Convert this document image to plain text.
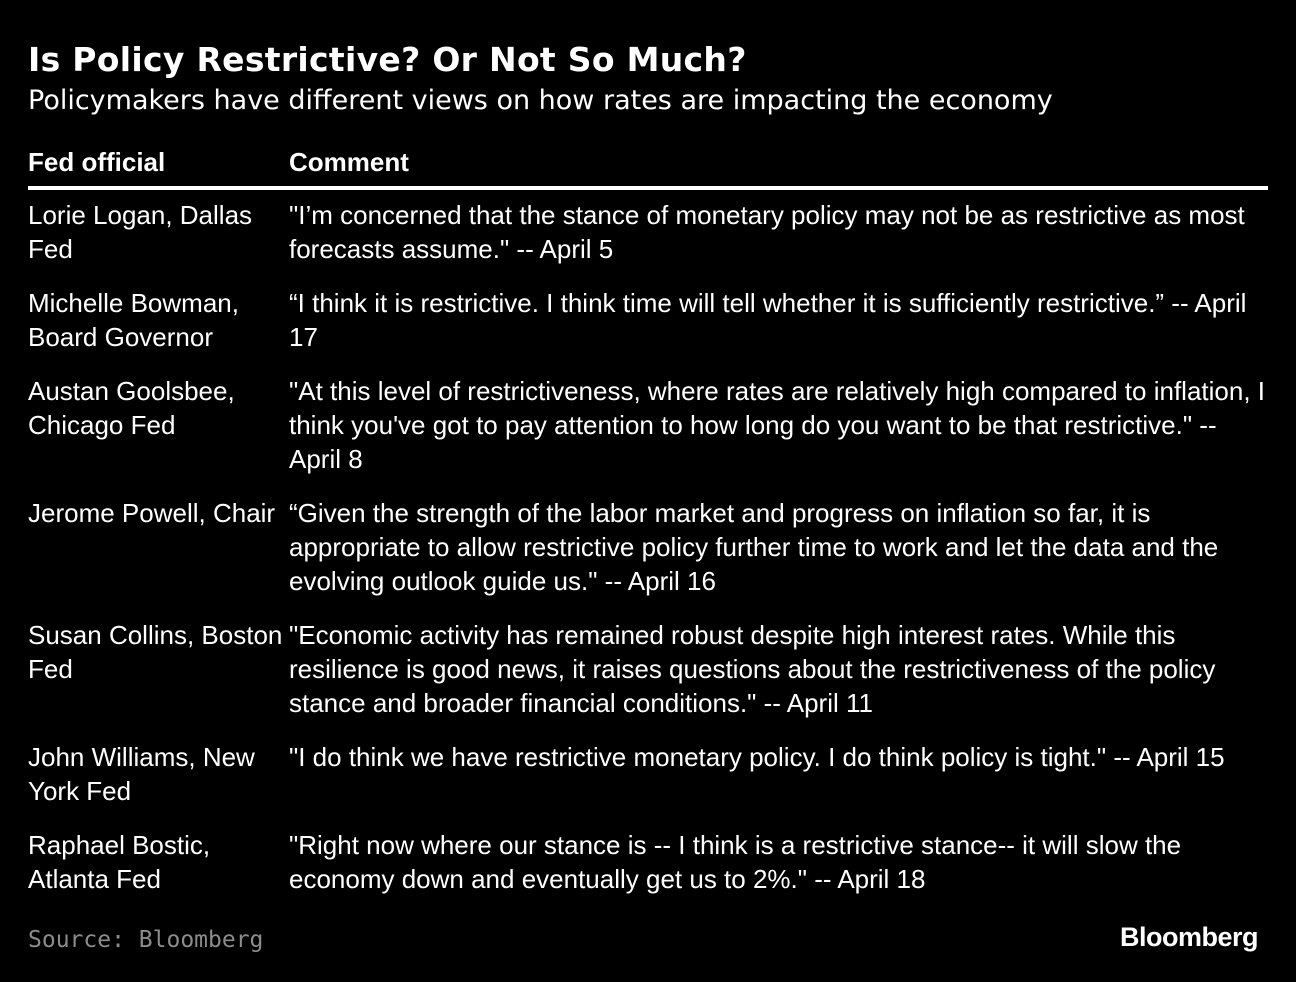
Is Policy Restrictive? Or Not So Much?
Policymakers have different views on how rates are impacting the economy
Fed official	Comment
Lorie Logan, Dallas Fed
"I’m concerned that the stance of monetary policy may not be as restrictive as most forecasts assume." -- April 5
Michelle Bowman, Board Governor
“I think it is restrictive. I think time will tell whether it is sufficiently restrictive.” -- April 17
Austan Goolsbee, Chicago Fed
"At this level of restrictiveness, where rates are relatively high compared to inflation, I think you've got to pay attention to how long do you want to be that restrictive." -- April 8
Jerome Powell, Chair “Given the strength of the labor market and progress on inflation so far, it is appropriate to allow restrictive policy further time to work and let the data and the evolving outlook guide us." -- April 16
Susan Collins, Boston Fed
"Economic activity has remained robust despite high interest rates. While this resilience is good news, it raises questions about the restrictiveness of the policy stance and broader financial conditions." -- April 11
John Williams, New York Fed
"I do think we have restrictive monetary policy. I do think policy is tight." -- April 15
Raphael Bostic, Atlanta Fed
"Right now where our stance is -- I think is a restrictive stance-- it will slow the economy down and eventually get us to 2%." -- April 18
Source: Bloomberg	Bloomberg
